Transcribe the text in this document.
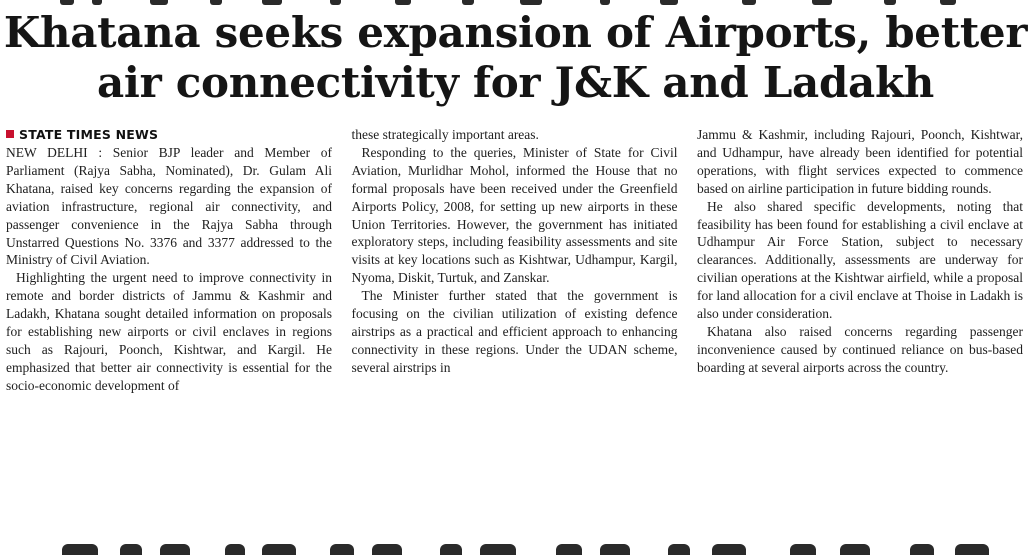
Khatana seeks expansion of Airports, better
air connectivity for J&K and Ladakh
STATE TIMES NEWS

NEW DELHI : Senior BJP leader and Member of Parliament (Rajya Sabha, Nominated), Dr. Gulam Ali Khatana, raised key concerns regarding the expansion of aviation infrastructure, regional air connectivity, and passenger convenience in the Rajya Sabha through Unstarred Questions No. 3376 and 3377 addressed to the Ministry of Civil Aviation.

Highlighting the urgent need to improve connectivity in remote and border districts of Jammu & Kashmir and Ladakh, Khatana sought detailed information on proposals for establishing new airports or civil enclaves in regions such as Rajouri, Poonch, Kishtwar, and Kargil. He emphasized that better air connectivity is essential for the socio-economic development of

these strategically important areas.

Responding to the queries, Minister of State for Civil Aviation, Murlidhar Mohol, informed the House that no formal proposals have been received under the Greenfield Airports Policy, 2008, for setting up new airports in these Union Territories. However, the government has initiated exploratory steps, including feasibility assessments and site visits at key locations such as Kishtwar, Udhampur, Kargil, Nyoma, Diskit, Turtuk, and Zanskar.

The Minister further stated that the government is focusing on the civilian utilization of existing defence airstrips as a practical and efficient approach to enhancing connectivity in these regions. Under the UDAN scheme, several airstrips in

Jammu & Kashmir, including Rajouri, Poonch, Kishtwar, and Udhampur, have already been identified for potential operations, with flight services expected to commence based on airline participation in future bidding rounds.

He also shared specific developments, noting that feasibility has been found for establishing a civil enclave at Udhampur Air Force Station, subject to necessary clearances. Additionally, assessments are underway for civilian operations at the Kishtwar airfield, while a proposal for land allocation for a civil enclave at Thoise in Ladakh is also under consideration.

Khatana also raised concerns regarding passenger inconvenience caused by continued reliance on bus-based boarding at several airports across the country.
